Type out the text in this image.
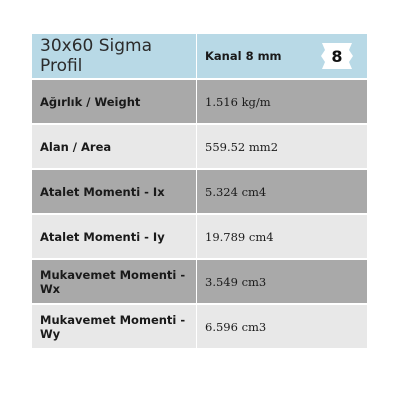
30x60 Sigma Profil	Kanal 8 mm	8
Ağırlık / Weight	1.516 kg/m
Alan / Area	559.52 mm2
Atalet Momenti - Ix	5.324 cm4
Atalet Momenti - Iy	19.789 cm4
Mukavemet Momenti - Wx	3.549 cm3
Mukavemet Momenti - Wy	6.596 cm3
